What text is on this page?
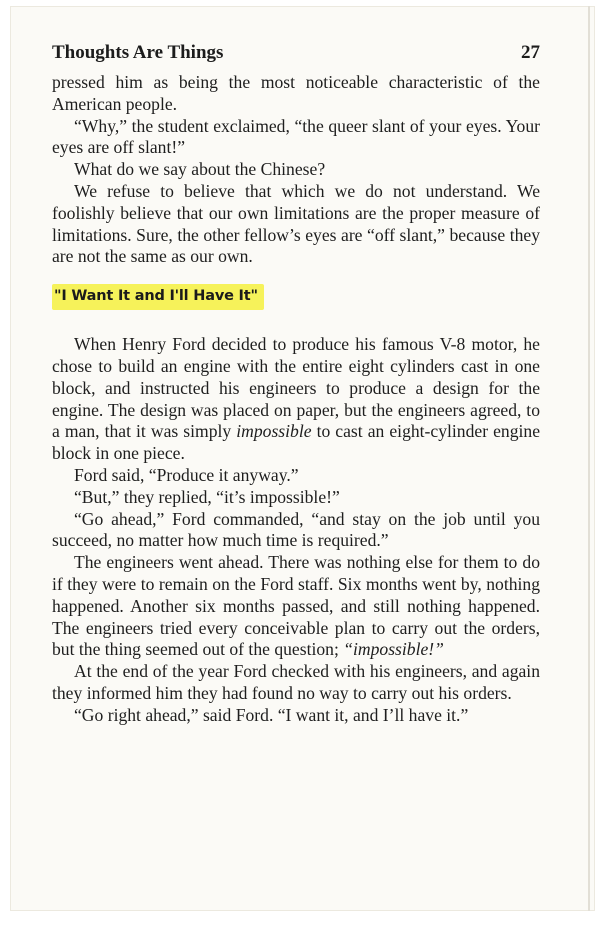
Thoughts Are Things	27

pressed him as being the most noticeable characteristic of the American people.

“Why,” the student exclaimed, “the queer slant of your eyes. Your eyes are off slant!”

What do we say about the Chinese?

We refuse to believe that which we do not understand. We foolishly believe that our own limitations are the proper measure of limitations. Sure, the other fellow’s eyes are “off slant,” because they are not the same as our own.

"I Want It and I'll Have It"

When Henry Ford decided to produce his famous V-8 motor, he chose to build an engine with the entire eight cylinders cast in one block, and instructed his engineers to produce a design for the engine. The design was placed on paper, but the engineers agreed, to a man, that it was simply impossible to cast an eight-cylinder engine block in one piece.

Ford said, “Produce it anyway.”

“But,” they replied, “it’s impossible!”

“Go ahead,” Ford commanded, “and stay on the job until you succeed, no matter how much time is required.”

The engineers went ahead. There was nothing else for them to do if they were to remain on the Ford staff. Six months went by, nothing happened. Another six months passed, and still nothing happened. The engineers tried every conceivable plan to carry out the orders, but the thing seemed out of the question; “impossible!”

At the end of the year Ford checked with his engineers, and again they informed him they had found no way to carry out his orders.

“Go right ahead,” said Ford. “I want it, and I’ll have it.”
